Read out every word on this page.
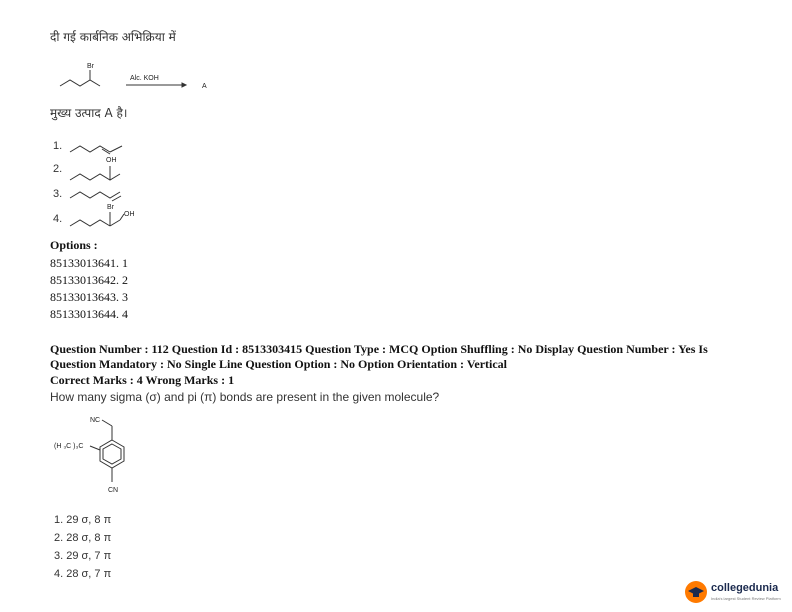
दी गई कार्बनिक अभिक्रिया में
Br
Alc. KOH
A
मुख्य उत्पाद A है।
1.
2.
OH
3.
4.
Br
OH
Options :
85133013641. 1
85133013642. 2
85133013643. 3
85133013644. 4
Question Number : 112 Question Id : 8513303415 Question Type : MCQ Option Shuffling : No Display Question Number : Yes Is
Question Mandatory : No Single Line Question Option : No Option Orientation : Vertical
Correct Marks : 4 Wrong Marks : 1
How many sigma (σ) and pi (π) bonds are present in the given molecule?
NC
(H ₃C )₃C
CN
1. 29 σ, 8 π
2. 28 σ, 8 π
3. 29 σ, 7 π
4. 28 σ, 7 π
collegedunia
India's largest Student Review Platform
